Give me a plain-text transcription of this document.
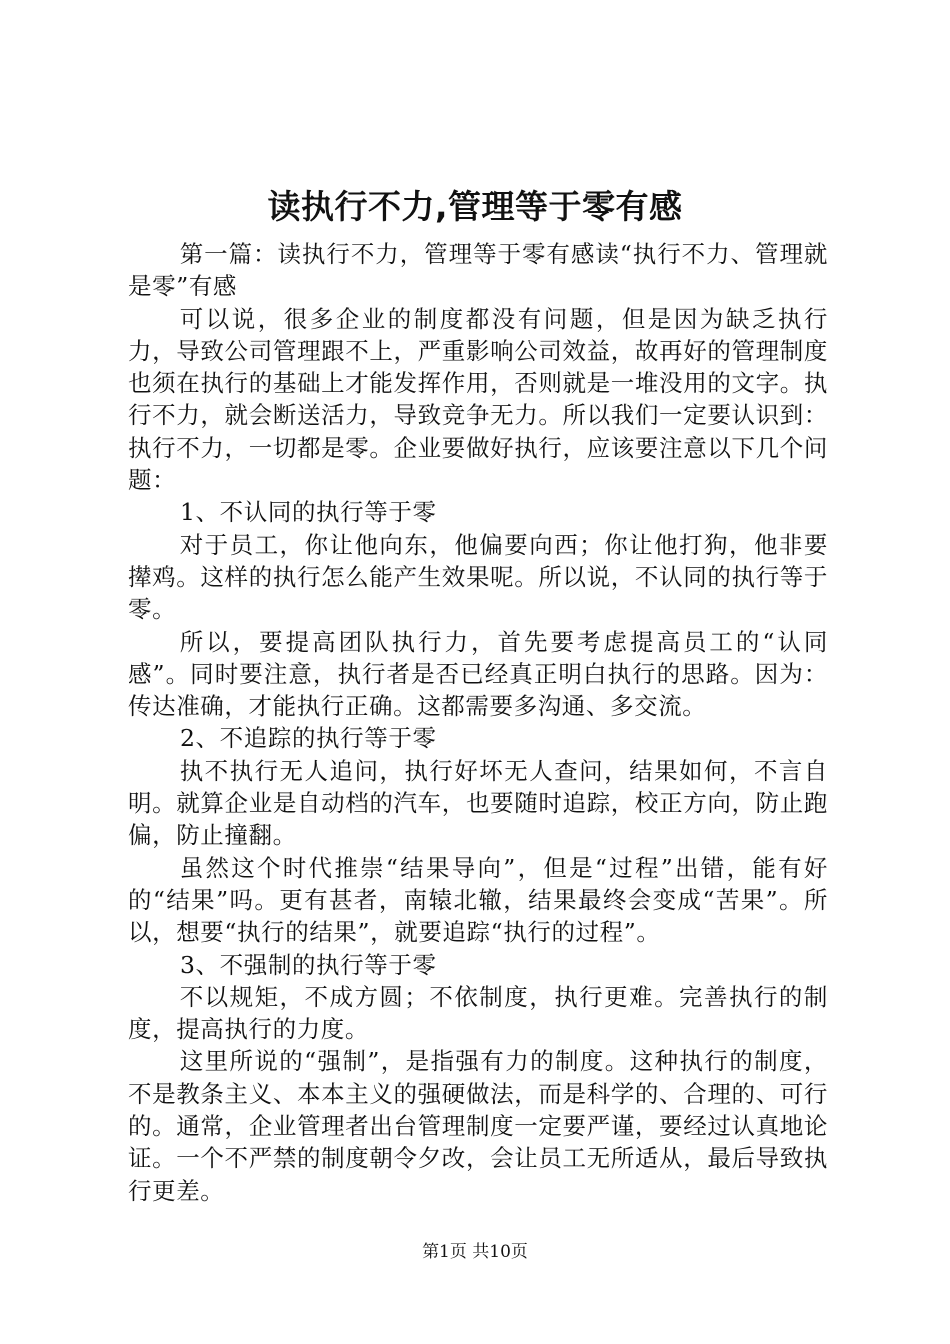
读执行不力,管理等于零有感

第一篇：读执行不力，管理等于零有感读“执行不力、管理就是零”有感

可以说，很多企业的制度都没有问题，但是因为缺乏执行力，导致公司管理跟不上，严重影响公司效益，故再好的管理制度也须在执行的基础上才能发挥作用，否则就是一堆没用的文字。执行不力，就会断送活力，导致竞争无力。所以我们一定要认识到：执行不力，一切都是零。企业要做好执行，应该要注意以下几个问题：

1、不认同的执行等于零

对于员工，你让他向东，他偏要向西；你让他打狗，他非要撵鸡。这样的执行怎么能产生效果呢。所以说，不认同的执行等于零。

所以，要提高团队执行力，首先要考虑提高员工的“认同感”。同时要注意，执行者是否已经真正明白执行的思路。因为：传达准确，才能执行正确。这都需要多沟通、多交流。

2、不追踪的执行等于零

执不执行无人追问，执行好坏无人查问，结果如何，不言自明。就算企业是自动档的汽车，也要随时追踪，校正方向，防止跑偏，防止撞翻。

虽然这个时代推崇“结果导向”，但是“过程”出错，能有好的“结果”吗。更有甚者，南辕北辙，结果最终会变成“苦果”。所以，想要“执行的结果”，就要追踪“执行的过程”。

3、不强制的执行等于零

不以规矩，不成方圆；不依制度，执行更难。完善执行的制度，提高执行的力度。

这里所说的“强制”，是指强有力的制度。这种执行的制度，不是教条主义、本本主义的强硬做法，而是科学的、合理的、可行的。通常，企业管理者出台管理制度一定要严谨，要经过认真地论证。一个不严禁的制度朝令夕改，会让员工无所适从，最后导致执行更差。

第1页 共10页
